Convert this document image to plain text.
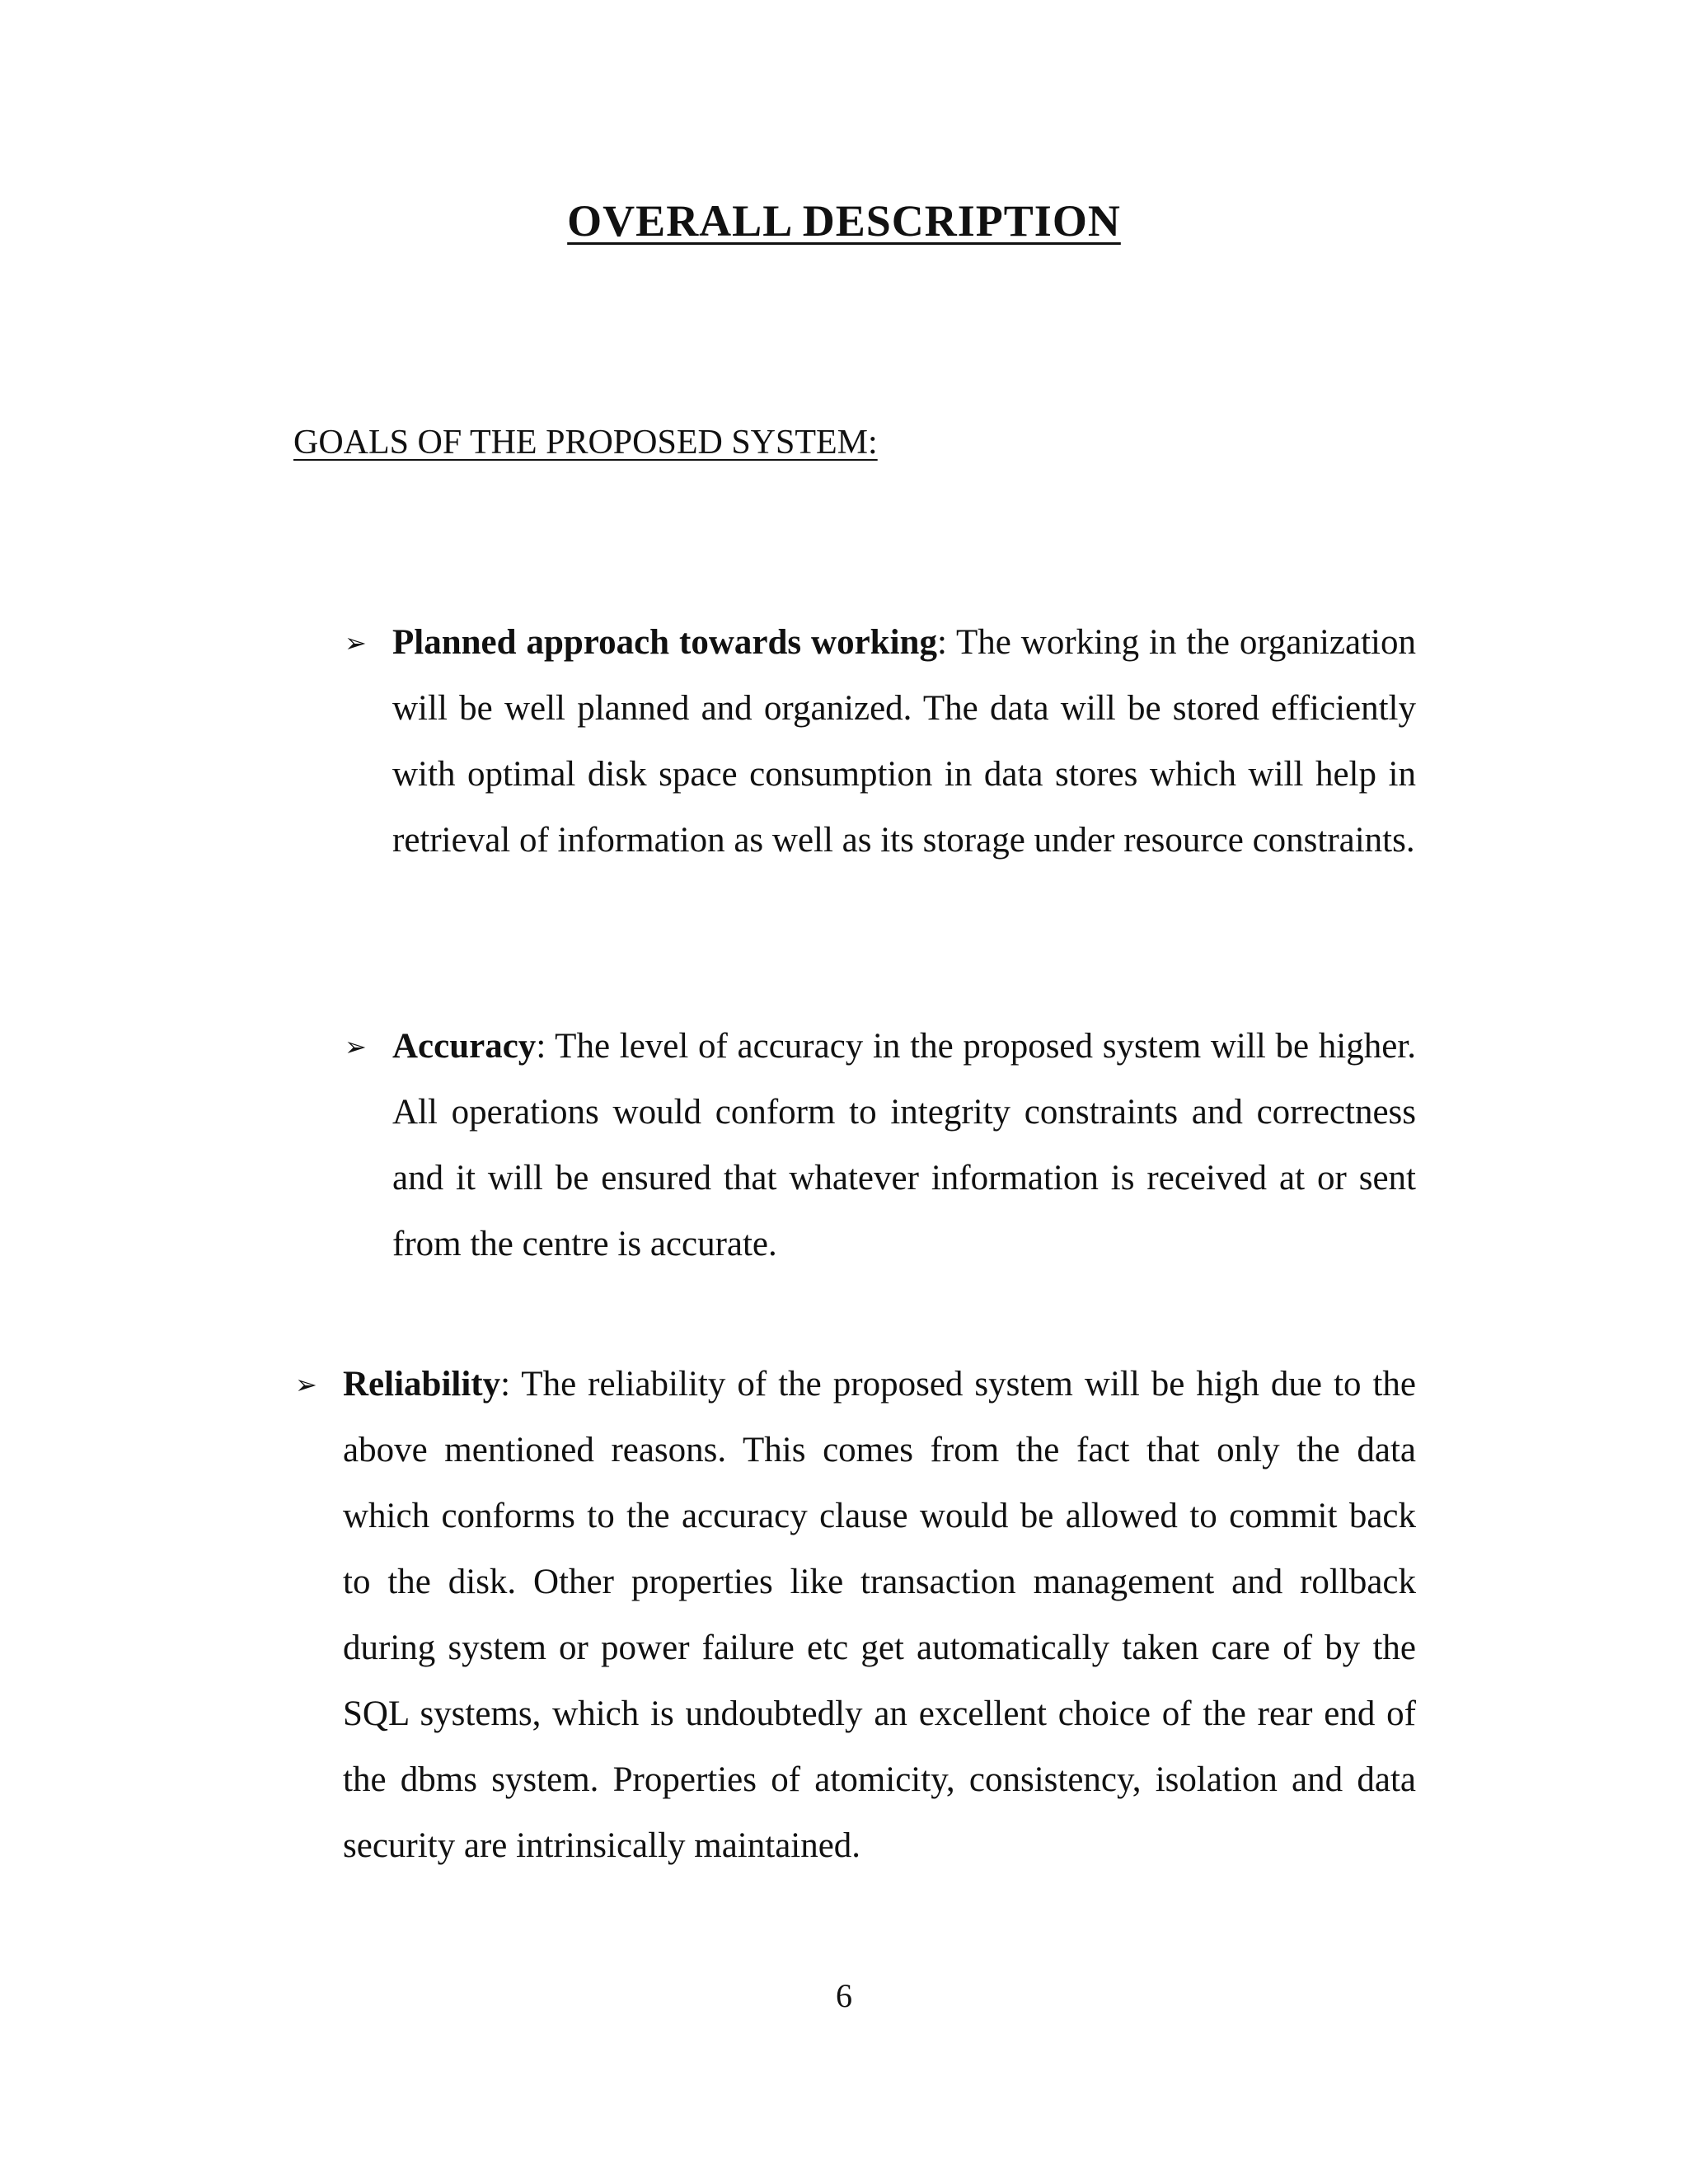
OVERALL DESCRIPTION
GOALS OF THE PROPOSED SYSTEM:
➢ Planned approach towards working: The working in the organization will be well planned and organized. The data will be stored efficiently with optimal disk space consumption in data stores which will help in retrieval of information as well as its storage under resource constraints.

➢ Accuracy: The level of accuracy in the proposed system will be higher. All operations would conform to integrity constraints and correctness and it will be ensured that whatever information is received at or sent from the centre is accurate.

➢ Reliability: The reliability of the proposed system will be high due to the above mentioned reasons. This comes from the fact that only the data which conforms to the accuracy clause would be allowed to commit back to the disk. Other properties like transaction management and rollback during system or power failure etc get automatically taken care of by the SQL systems, which is undoubtedly an excellent choice of the rear end of the dbms system. Properties of atomicity, consistency, isolation and data security are intrinsically maintained.

6
